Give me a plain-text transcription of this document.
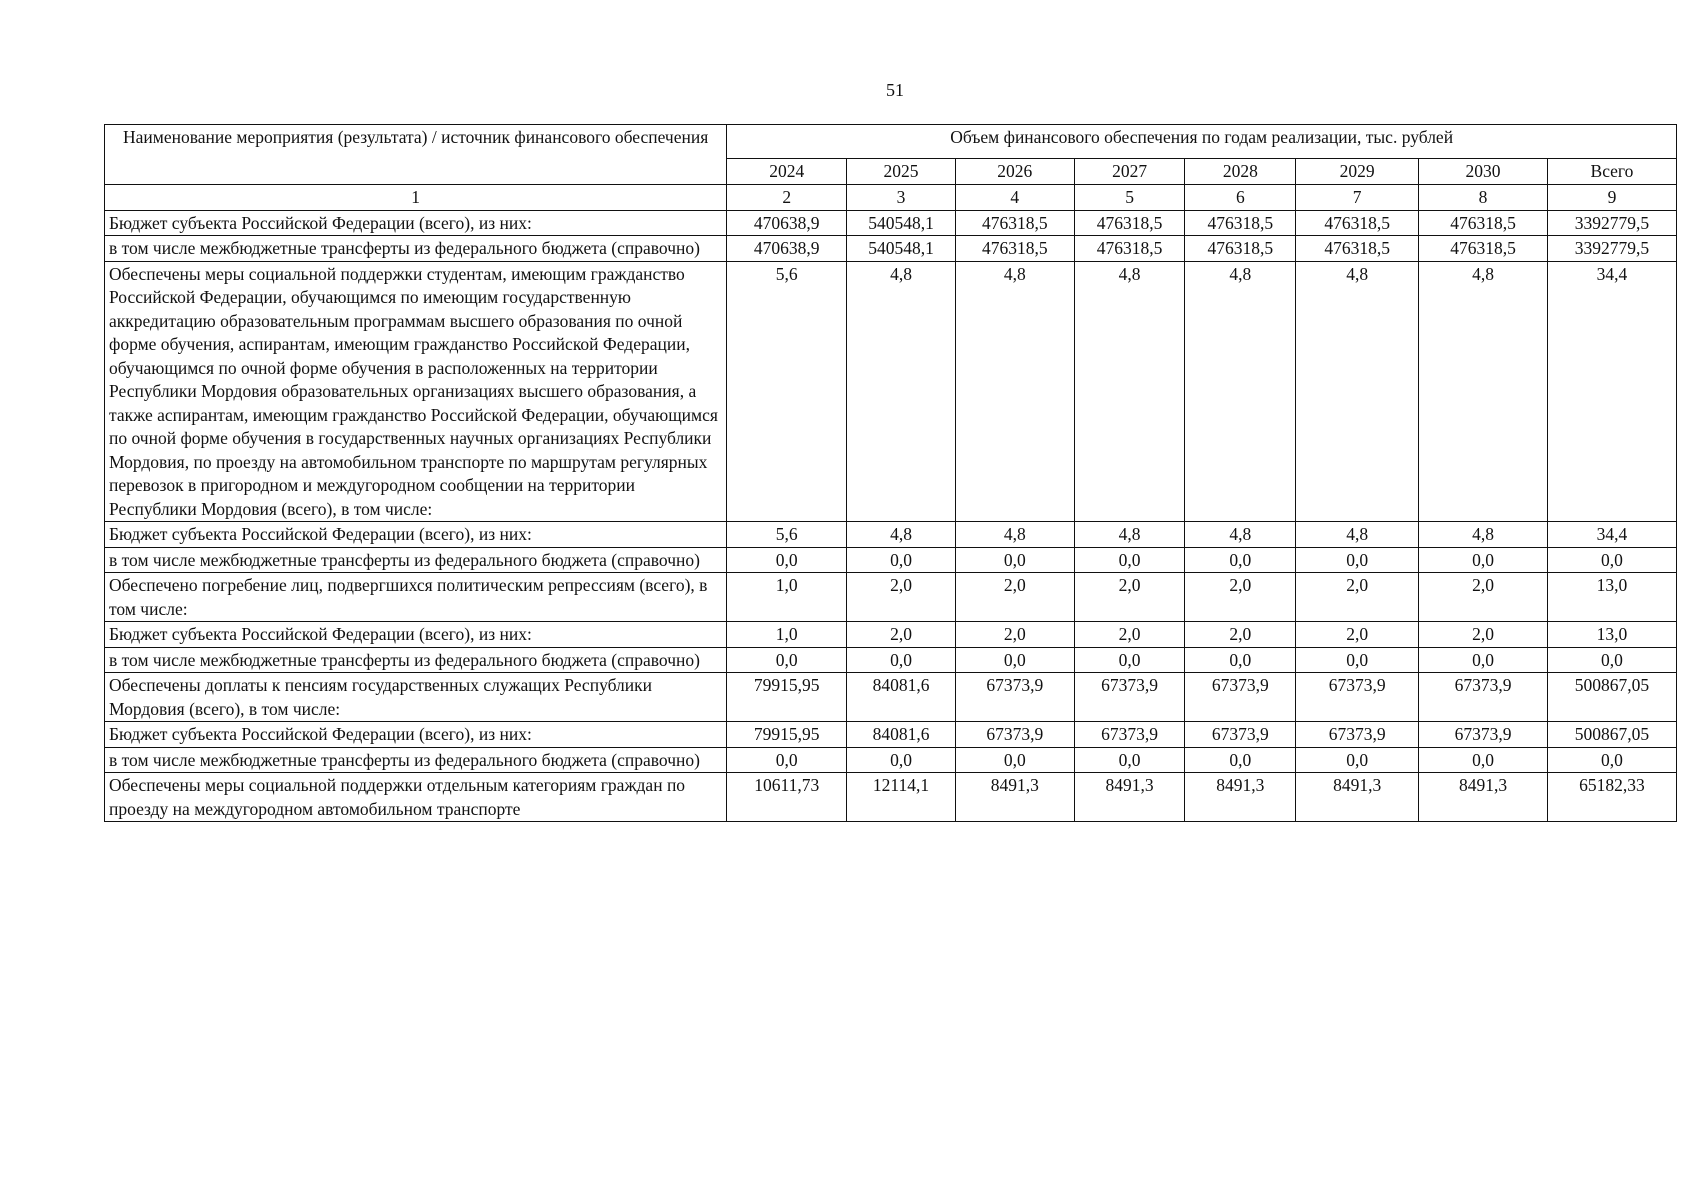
51
Наименование мероприятия (результата) / источник финансового обеспечения	Объем финансового обеспечения по годам реализации, тыс. рублей							
	2024	2025	2026	2027	2028	2029	2030	Всего
1	2	3	4	5	6	7	8	9
Бюджет субъекта Российской Федерации (всего), из них:	470638,9	540548,1	476318,5	476318,5	476318,5	476318,5	476318,5	3392779,5
в том числе межбюджетные трансферты из федерального бюджета (справочно)	470638,9	540548,1	476318,5	476318,5	476318,5	476318,5	476318,5	3392779,5
Обеспечены меры социальной поддержки студентам, имеющим гражданство Российской Федерации, обучающимся по имеющим государственную аккредитацию образовательным программам высшего образования по очной форме обучения, аспирантам, имеющим гражданство Российской Федерации, обучающимся по очной форме обучения в расположенных на территории Республики Мордовия образовательных организациях высшего образования, а также аспирантам, имеющим гражданство Российской Федерации, обучающимся по очной форме обучения в государственных научных организациях Республики Мордовия, по проезду на автомобильном транспорте по маршрутам регулярных перевозок в пригородном и междугородном сообщении на территории Республики Мордовия (всего), в том числе:	5,6	4,8	4,8	4,8	4,8	4,8	4,8	34,4
Бюджет субъекта Российской Федерации (всего), из них:	5,6	4,8	4,8	4,8	4,8	4,8	4,8	34,4
в том числе межбюджетные трансферты из федерального бюджета (справочно)	0,0	0,0	0,0	0,0	0,0	0,0	0,0	0,0
Обеспечено погребение лиц, подвергшихся политическим репрессиям (всего), в том числе:	1,0	2,0	2,0	2,0	2,0	2,0	2,0	13,0
Бюджет субъекта Российской Федерации (всего), из них:	1,0	2,0	2,0	2,0	2,0	2,0	2,0	13,0
в том числе межбюджетные трансферты из федерального бюджета (справочно)	0,0	0,0	0,0	0,0	0,0	0,0	0,0	0,0
Обеспечены доплаты к пенсиям государственных служащих Республики Мордовия (всего), в том числе:	79915,95	84081,6	67373,9	67373,9	67373,9	67373,9	67373,9	500867,05
Бюджет субъекта Российской Федерации (всего), из них:	79915,95	84081,6	67373,9	67373,9	67373,9	67373,9	67373,9	500867,05
в том числе межбюджетные трансферты из федерального бюджета (справочно)	0,0	0,0	0,0	0,0	0,0	0,0	0,0	0,0
Обеспечены меры социальной поддержки отдельным категориям граждан по проезду на междугородном автомобильном транспорте	10611,73	12114,1	8491,3	8491,3	8491,3	8491,3	8491,3	65182,33
